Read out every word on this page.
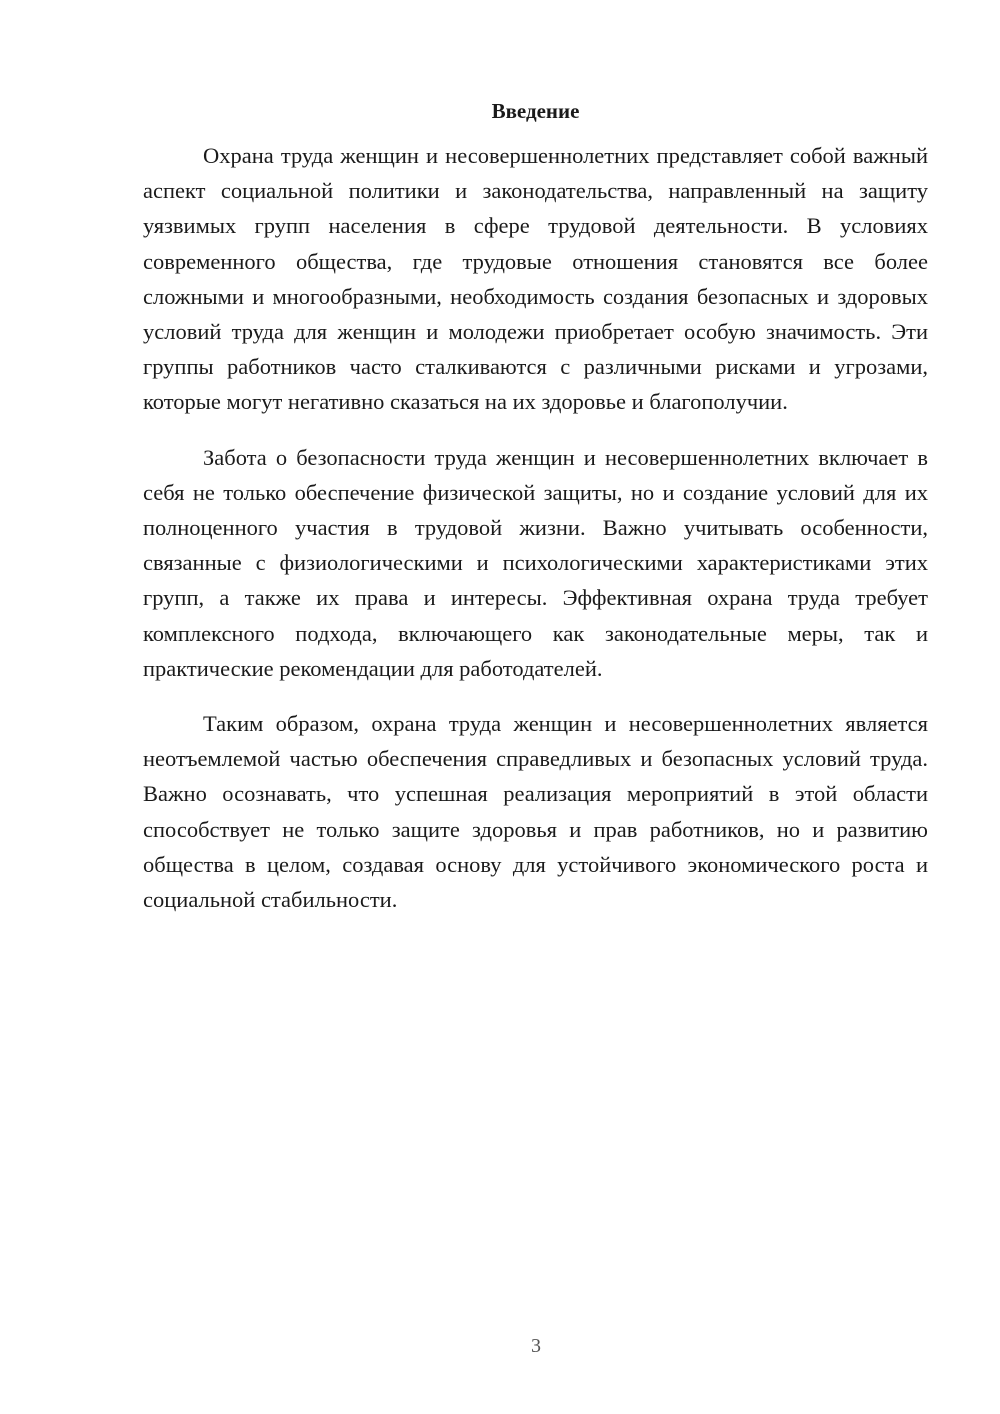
Введение

Охрана труда женщин и несовершеннолетних представляет собой важный аспект социальной политики и законодательства, направленный на защиту уязвимых групп населения в сфере трудовой деятельности. В условиях современного общества, где трудовые отношения становятся все более сложными и многообразными, необходимость создания безопасных и здоровых условий труда для женщин и молодежи приобретает особую значимость. Эти группы работников часто сталкиваются с различными рисками и угрозами, которые могут негативно сказаться на их здоровье и благополучии.

Забота о безопасности труда женщин и несовершеннолетних включает в себя не только обеспечение физической защиты, но и создание условий для их полноценного участия в трудовой жизни. Важно учитывать особенности, связанные с физиологическими и психологическими характеристиками этих групп, а также их права и интересы. Эффективная охрана труда требует комплексного подхода, включающего как законодательные меры, так и практические рекомендации для работодателей.

Таким образом, охрана труда женщин и несовершеннолетних является неотъемлемой частью обеспечения справедливых и безопасных условий труда. Важно осознавать, что успешная реализация мероприятий в этой области способствует не только защите здоровья и прав работников, но и развитию общества в целом, создавая основу для устойчивого экономического роста и социальной стабильности.

3
